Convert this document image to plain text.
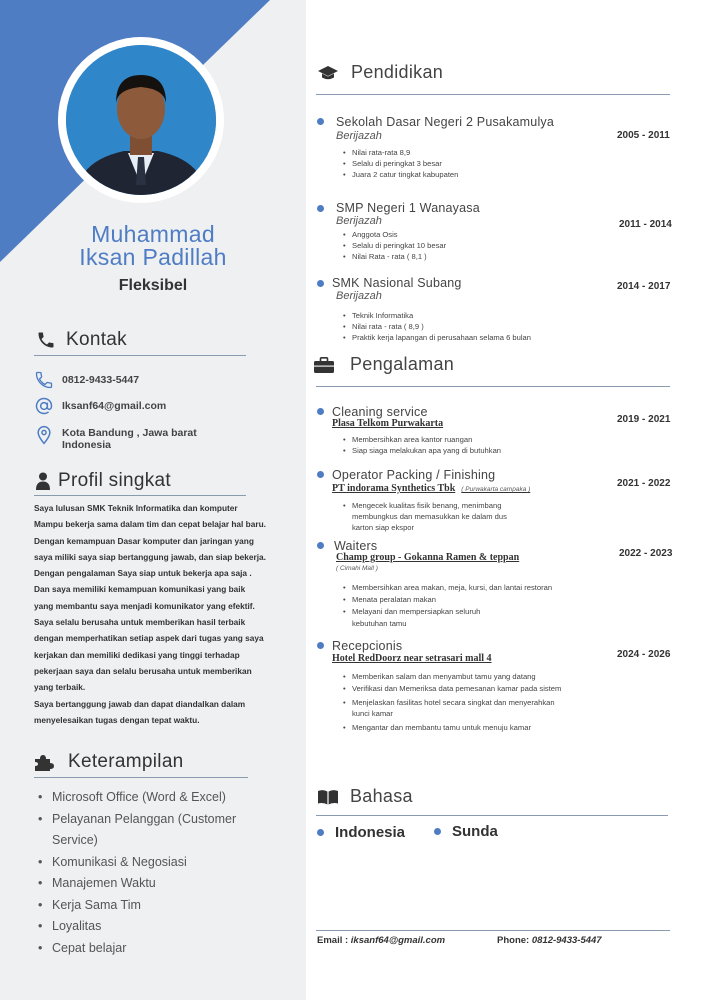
Muhammad
Iksan Padillah
Fleksibel
Kontak
0812-9433-5447
Iksanf64@gmail.com
Kota Bandung , Jawa barat
Indonesia
Profil singkat
Saya lulusan SMK Teknik Informatika dan komputer
Mampu bekerja sama dalam tim dan cepat belajar hal baru.
Dengan kemampuan Dasar komputer dan jaringan yang
saya miliki saya siap bertanggung jawab, dan siap bekerja.
Dengan pengalaman Saya siap untuk bekerja apa saja .
Dan saya memiliki kemampuan komunikasi yang baik
yang membantu saya menjadi komunikator yang efektif.
Saya selalu berusaha untuk memberikan hasil terbaik
dengan memperhatikan setiap aspek dari tugas yang saya
kerjakan dan memiliki dedikasi yang tinggi terhadap
pekerjaan saya dan selalu berusaha untuk memberikan
yang terbaik.
Saya bertanggung jawab dan dapat diandalkan dalam
menyelesaikan tugas dengan tepat waktu.
Keterampilan
• Microsoft Office (Word & Excel)
• Pelayanan Pelanggan (Customer
Service)
• Komunikasi & Negosiasi
• Manajemen Waktu
• Kerja Sama Tim
• Loyalitas
• Cepat belajar
Pendidikan
Sekolah Dasar Negeri 2 Pusakamulya
Berijazah	2005 - 2011
• Nilai rata-rata 8,9
• Selalu di peringkat 3 besar
• Juara 2 catur tingkat kabupaten
SMP Negeri 1 Wanayasa
Berijazah	2011 - 2014
• Anggota Osis
• Selalu di peringkat 10 besar
• Nilai Rata - rata ( 8,1 )
SMK Nasional Subang
Berijazah
2014 - 2017
• Teknik Informatika
• Nilai rata - rata ( 8,9 )
• Praktik kerja lapangan di perusahaan selama 6 bulan
Pengalaman
Cleaning service
Plasa Telkom Purwakarta	2019 - 2021
• Membersihkan area kantor ruangan
• Siap siaga melakukan apa yang di butuhkan
Operator Packing / Finishing
PT indorama Synthetics Tbk ( Purwakarta campaka )
2021 - 2022
• Mengecek kualitas fisik benang, menimbang
membungkus dan memasukkan ke dalam dus
karton siap ekspor
Waiters
Champ group - Gokanna Ramen & teppan
( Cimahi Mall )
2022 - 2023
• Membersihkan area makan, meja, kursi, dan lantai restoran
• Menata peralatan makan
• Melayani dan mempersiapkan seluruh
kebutuhan tamu
Recepcionis
Hotel RedDoorz near setrasari mall 4	2024 - 2026
• Memberikan salam dan menyambut tamu yang datang
• Verifikasi dan Memeriksa data pemesanan kamar pada sistem
• Menjelaskan fasilitas hotel secara singkat dan menyerahkan
kunci kamar
• Mengantar dan membantu tamu untuk menuju kamar
Bahasa
Indonesia	Sunda
Email : iksanf64@gmail.com	Phone: 0812-9433-5447
